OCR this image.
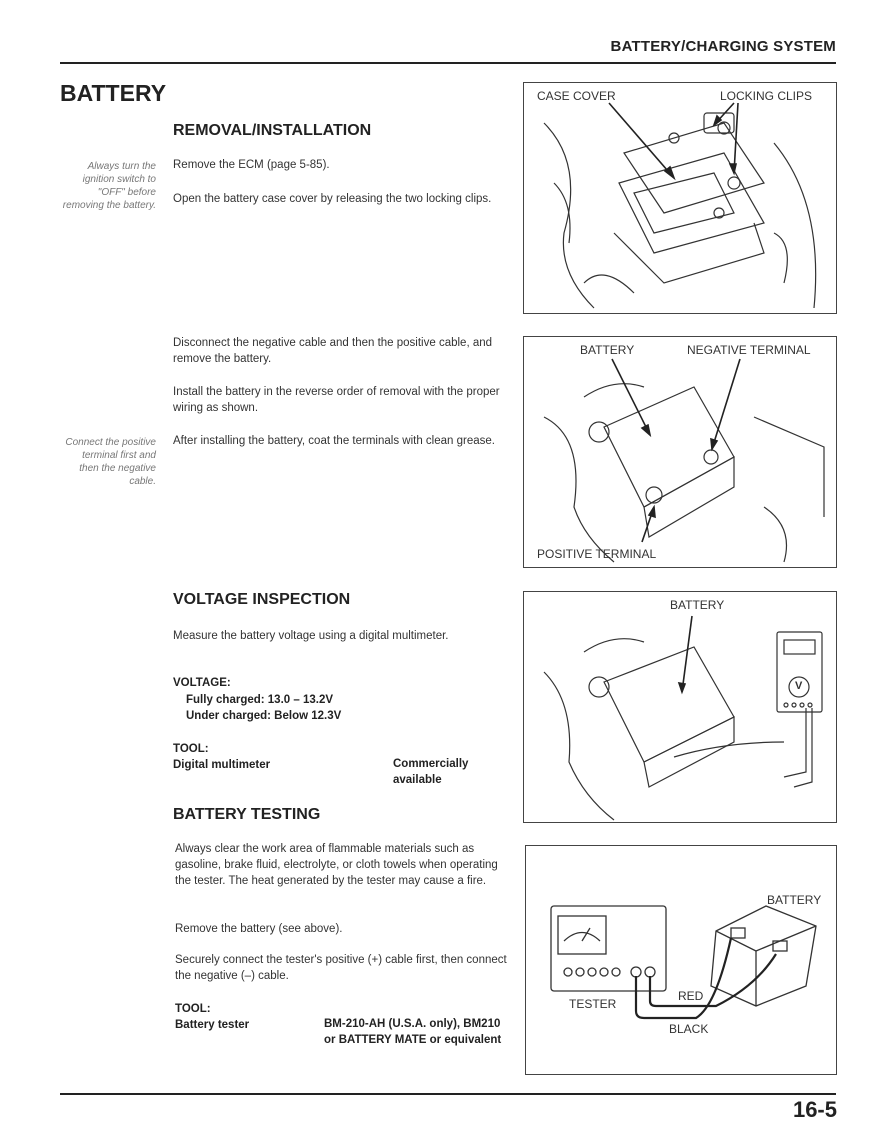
BATTERY/CHARGING SYSTEM
BATTERY
REMOVAL/INSTALLATION
Always turn the ignition switch to "OFF" before removing the battery.
Remove the ECM (page 5-85).
Open the battery case cover by releasing the two locking clips.
Disconnect the negative cable and then the positive cable, and remove the battery.
Install the battery in the reverse order of removal with the proper wiring as shown.
Connect the positive terminal first and then the negative cable.
After installing the battery, coat the terminals with clean grease.
VOLTAGE INSPECTION
Measure the battery voltage using a digital multimeter.
VOLTAGE:
Fully charged: 13.0 – 13.2V
Under charged: Below 12.3V
TOOL:
Digital multimeter	Commercially available
BATTERY TESTING
Always clear the work area of flammable materials such as gasoline, brake fluid, electrolyte, or cloth towels when operating the tester. The heat generated by the tester may cause a fire.
Remove the battery (see above).
Securely connect the tester's positive (+) cable first, then connect the negative (–) cable.
TOOL:
Battery tester	BM-210-AH (U.S.A. only), BM210 or BATTERY MATE or equivalent
CASE COVER	LOCKING CLIPS
BATTERY	NEGATIVE TERMINAL
POSITIVE TERMINAL
BATTERY
V
BATTERY
TESTER
RED
BLACK
16-5
